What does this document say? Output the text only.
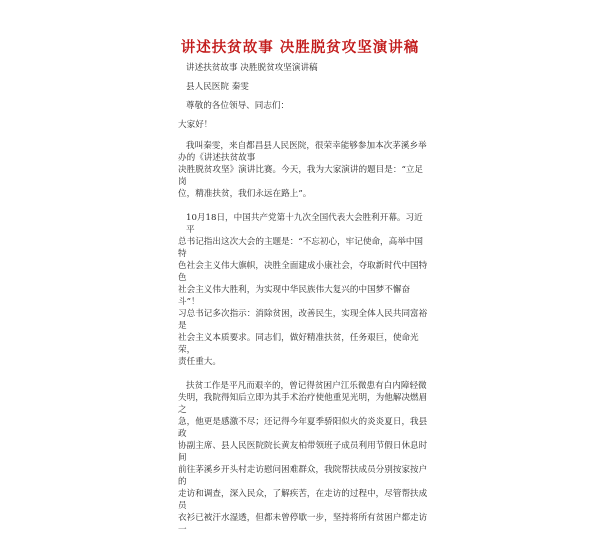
讲述扶贫故事 决胜脱贫攻坚演讲稿

讲述扶贫故事 决胜脱贫攻坚演讲稿

县人民医院 秦雯

尊敬的各位领导、同志们：

大家好！

我叫秦雯，来自都昌县人民医院，很荣幸能够参加本次茅溪乡举

办的《讲述扶贫故事

决胜脱贫攻坚》演讲比赛。今天，我为大家演讲的题目是：“立足岗

位，精准扶贫，我们永远在路上”。

10月18日，中国共产党第十九次全国代表大会胜利开幕。习近平

总书记指出这次大会的主题是：“不忘初心，牢记使命，高举中国特

色社会主义伟大旗帜，决胜全面建成小康社会，夺取新时代中国特色

社会主义伟大胜利，为实现中华民族伟大复兴的中国梦不懈奋斗”！

习总书记多次指示：消除贫困，改善民生，实现全体人民共同富裕是

社会主义本质要求。同志们，做好精准扶贫，任务艰巨，使命光荣，

责任重大。

扶贫工作是平凡而艰辛的，曾记得贫困户江乐微患有白内障轻微

失明，我院得知后立即为其手术治疗使他重见光明，为他解决燃眉之

急，他更是感激不尽；还记得今年夏季骄阳似火的炎炎夏日，我县政

协副主席、县人民医院院长黄友柏带领班子成员利用节假日休息时间

前往茅溪乡开头村走访慰问困难群众，我院帮扶成员分别按家按户的

走访和调查，深入民众，了解疾苦，在走访的过程中，尽管帮扶成员

衣衫已被汗水湿透，但都未曾停歇一步，坚持将所有贫困户都走访一
